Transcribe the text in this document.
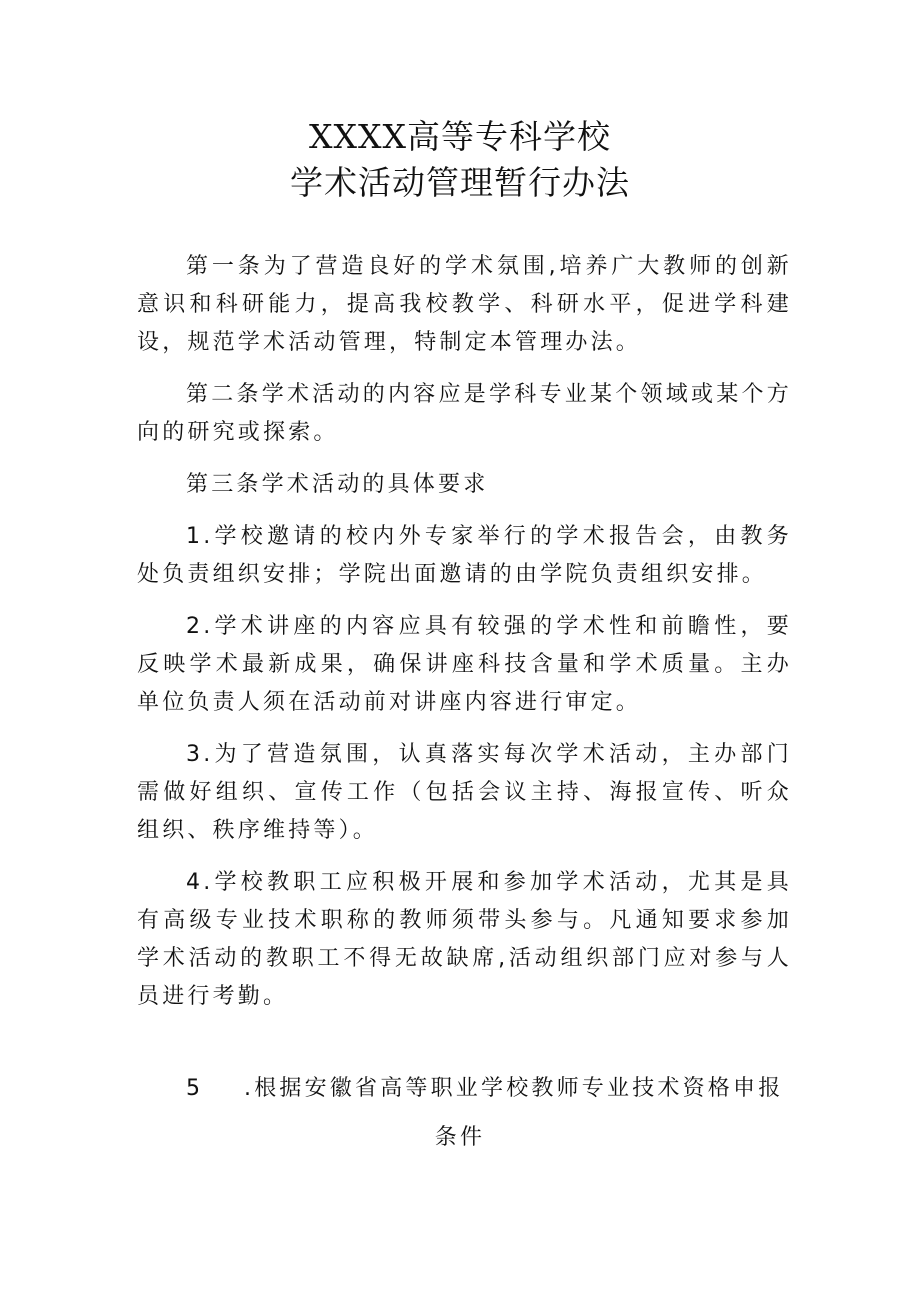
XXXX高等专科学校
学术活动管理暂行办法

第一条为了营造良好的学术氛围,培养广大教师的创新意识和科研能力，提高我校教学、科研水平，促进学科建设，规范学术活动管理，特制定本管理办法。

第二条学术活动的内容应是学科专业某个领域或某个方向的研究或探索。

第三条学术活动的具体要求

1.学校邀请的校内外专家举行的学术报告会，由教务处负责组织安排；学院出面邀请的由学院负责组织安排。

2.学术讲座的内容应具有较强的学术性和前瞻性，要反映学术最新成果，确保讲座科技含量和学术质量。主办单位负责人须在活动前对讲座内容进行审定。

3.为了营造氛围，认真落实每次学术活动，主办部门需做好组织、宣传工作（包括会议主持、海报宣传、听众组织、秩序维持等）。

4.学校教职工应积极开展和参加学术活动，尤其是具有高级专业技术职称的教师须带头参与。凡通知要求参加学术活动的教职工不得无故缺席,活动组织部门应对参与人员进行考勤。

5 .根据安徽省高等职业学校教师专业技术资格申报
条件
